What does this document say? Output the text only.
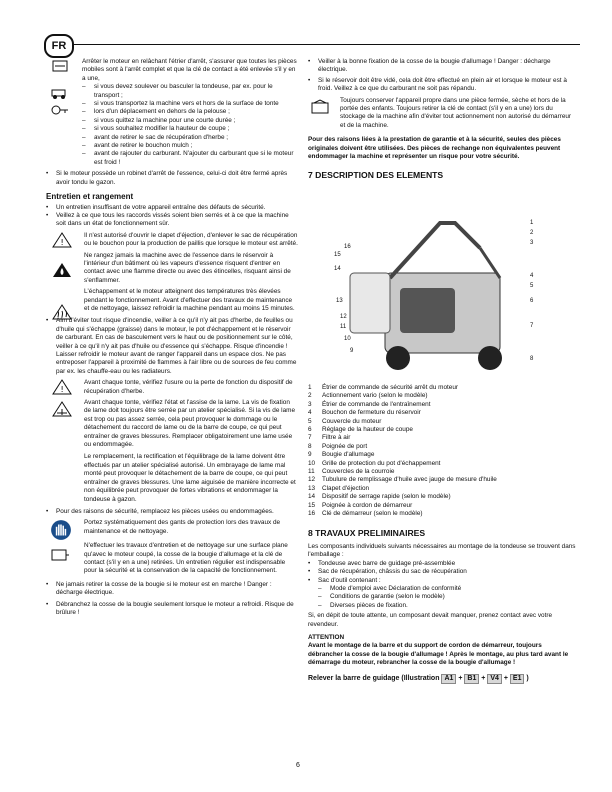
FR

Arrêter le moteur en relâchant l'étrier d'arrêt, s'assurer que toutes les pièces mobiles sont à l'arrêt complet et que la clé de contact a été enlevée s'il y en a une,

– si vous devez soulever ou basculer la tondeuse, par ex. pour le transport ;

– si vous transportez la machine vers et hors de la surface de tonte

– lors d'un déplacement en dehors de la pelouse ;

– si vous quittez la machine pour une courte durée ;

– si vous souhaitez modifier la hauteur de coupe ;

– avant de retirer le sac de récupération d'herbe ;

– avant de retirer le bouchon mulch ;

– avant de rajouter du carburant. N'ajouter du carburant que si le moteur est froid !

• Si le moteur possède un robinet d'arrêt de l'essence, celui-ci doit être fermé après avoir tondu le gazon.

Entretien et rangement

• Un entretien insuffisant de votre appareil entraîne des défauts de sécurité.

• Veillez à ce que tous les raccords vissés soient bien serrés et à ce que la machine soit dans un état de fonctionnement sûr.

!

Il n'est autorisé d'ouvrir le clapet d'éjection, d'enlever le sac de récupération ou le bouchon pour la production de paillis que lorsque le moteur est arrêté.

Ne rangez jamais la machine avec de l'essence dans le réservoir à l'intérieur d'un bâtiment où les vapeurs d'essence risquent d'entrer en contact avec une flamme directe ou avec des étincelles, risquant ainsi de s'enflammer.

L'échappement et le moteur atteignent des températures très élevées pendant le fonctionnement. Avant d'effectuer des travaux de maintenance et de nettoyage, laissez refroidir la machine pendant au moins 15 minutes.

• Afin d'éviter tout risque d'incendie, veiller à ce qu'il n'y ait pas d'herbe, de feuilles ou d'huile qui s'échappe (graisse) dans le moteur, le pot d'échappement et le réservoir de carburant. En cas de basculement vers le haut ou de positionnement sur le côté, veiller à ce qu'il n'y ait pas d'huile ou d'essence qui s'échappe. Risque d'incendie ! Laisser refroidir le moteur avant de ranger l'appareil dans un espace clos. Ne pas entreposer l'appareil à proximité de flammes à l'air libre ou de sources de feu comme par ex. les chauffe-eau ou les radiateurs.

!

Avant chaque tonte, vérifiez l'usure ou la perte de fonction du dispositif de récupération d'herbe.

Avant chaque tonte, vérifiez l'état et l'assise de la lame. La vis de fixation de lame doit toujours être serrée par un atelier spécialisé. Si la vis de lame est trop ou pas assez serrée, cela peut provoquer le dommage ou le détachement du raccord de lame ou de la barre de coupe, ce qui peut entraîner de graves blessures. Remplacer obligatoirement une lame usée ou endommagée.

Le remplacement, la rectification et l'équilibrage de la lame doivent être effectués par un atelier spécialisé autorisé. Un embrayage de lame mal monté peut provoquer le détachement de la barre de coupe, ce qui peut entraîner de graves blessures. Une lame aiguisée de manière incorrecte et non équilibrée peut provoquer de fortes vibrations et endommager la tondeuse à gazon.

• Pour des raisons de sécurité, remplacez les pièces usées ou endommagées.

Portez systématiquement des gants de protection lors des travaux de maintenance et de nettoyage.

N'effectuer les travaux d'entretien et de nettoyage sur une surface plane qu'avec le moteur coupé, la cosse de la bougie d'allumage et la clé de contact (s'il y en a une) retirées. Un entretien régulier est indispensable pour la sécurité et la conservation de la capacité de fonctionnement.

• Ne jamais retirer la cosse de la bougie si le moteur est en marche ! Danger : décharge électrique.

• Débranchez la cosse de la bougie seulement lorsque le moteur a refroidi. Risque de brûlure !

• Veiller à la bonne fixation de la cosse de la bougie d'allumage ! Danger : décharge électrique.

• Si le réservoir doit être vidé, cela doit être effectué en plein air et lorsque le moteur est à froid. Veillez à ce que du carburant ne soit pas répandu.

Toujours conserver l'appareil propre dans une pièce fermée, sèche et hors de la portée des enfants. Toujours retirer la clé de contact (s'il y en a une) lors du stockage de la machine afin d'éviter tout actionnement non autorisé du démarreur et de la machine.

Pour des raisons liées à la prestation de garantie et à la sécurité, seules des pièces originales doivent être utilisées. Des pièces de rechange non équivalentes peuvent endommager la machine et représenter un risque pour votre sécurité.

7 DESCRIPTION DES ELEMENTS

1
2
3
4
5
6
7
8
9
10
11
12
13
14
15
16
1	Étrier de commande de sécurité arrêt du moteur
2	Actionnement vario (selon le modèle)
3	Étrier de commande de l'entraînement
4	Bouchon de fermeture du réservoir
5	Couvercle du moteur
6	Réglage de la hauteur de coupe
7	Filtre à air
8	Poignée de port
9	Bougie d'allumage
10	Grille de protection du pot d'échappement
11	Couvercles de la courroie
12	Tubulure de remplissage d'huile avec jauge de mesure d'huile
13	Clapet d'éjection
14	Dispositif de serrage rapide (selon le modèle)
15	Poignée à cordon de démarreur
16	Clé de démarreur (selon le modèle)

8 TRAVAUX PRELIMINAIRES

Les composants individuels suivants nécessaires au montage de la tondeuse se trouvent dans l'emballage :

• Tondeuse avec barre de guidage pré-assemblée

• Sac de récupération, châssis du sac de récupération

• Sac d'outil contenant :

– Mode d'emploi avec Déclaration de conformité

– Conditions de garantie (selon le modèle)

– Diverses pièces de fixation.

Si, en dépit de toute attente, un composant devait manquer, prenez contact avec votre revendeur.

ATTENTION

Avant le montage de la barre et du support de cordon de démarreur, toujours débrancher la cosse de la bougie d'allumage ! Après le montage, au plus tard avant le démarrage du moteur, rebrancher la cosse de la bougie d'allumage !

Relever la barre de guidage (Illustration A1 + B1 + V4 + E1 )

6
